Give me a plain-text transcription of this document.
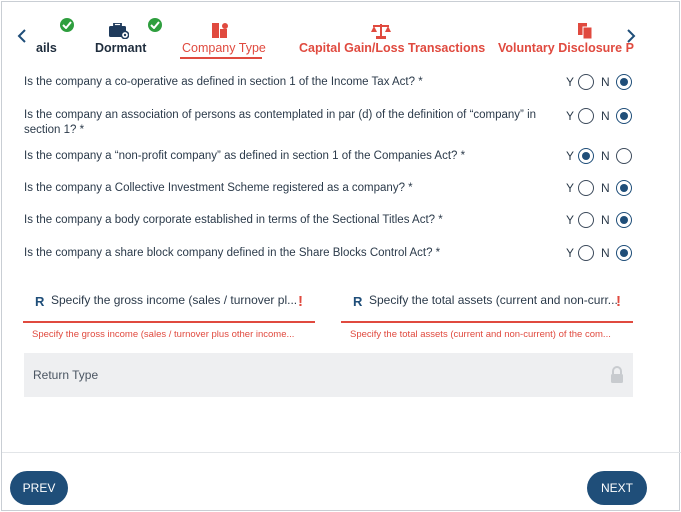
ails	Dormant	Company Type	Capital Gain/Loss Transactions Voluntary Disclosure P
Is the company a co-operative as defined in section 1 of the Income Tax Act? *	Y N
Is the company an association of persons as contemplated in par (d) of the definition of “company” in section 1? *
Y N
Is the company a “non-profit company” as defined in section 1 of the Companies Act? *	Y N
Is the company a Collective Investment Scheme registered as a company? *	Y N
Is the company a body corporate established in terms of the Sectional Titles Act? *	Y N
Is the company a share block company defined in the Share Blocks Control Act? *	Y N
R Specify the gross income (sales / turnover pl... !
Specify the gross income (sales / turnover plus other income...
R Specify the total assets (current and non-curr...
!
Specify the total assets (current and non-current) of the com...
Return Type
PREV	NEXT
